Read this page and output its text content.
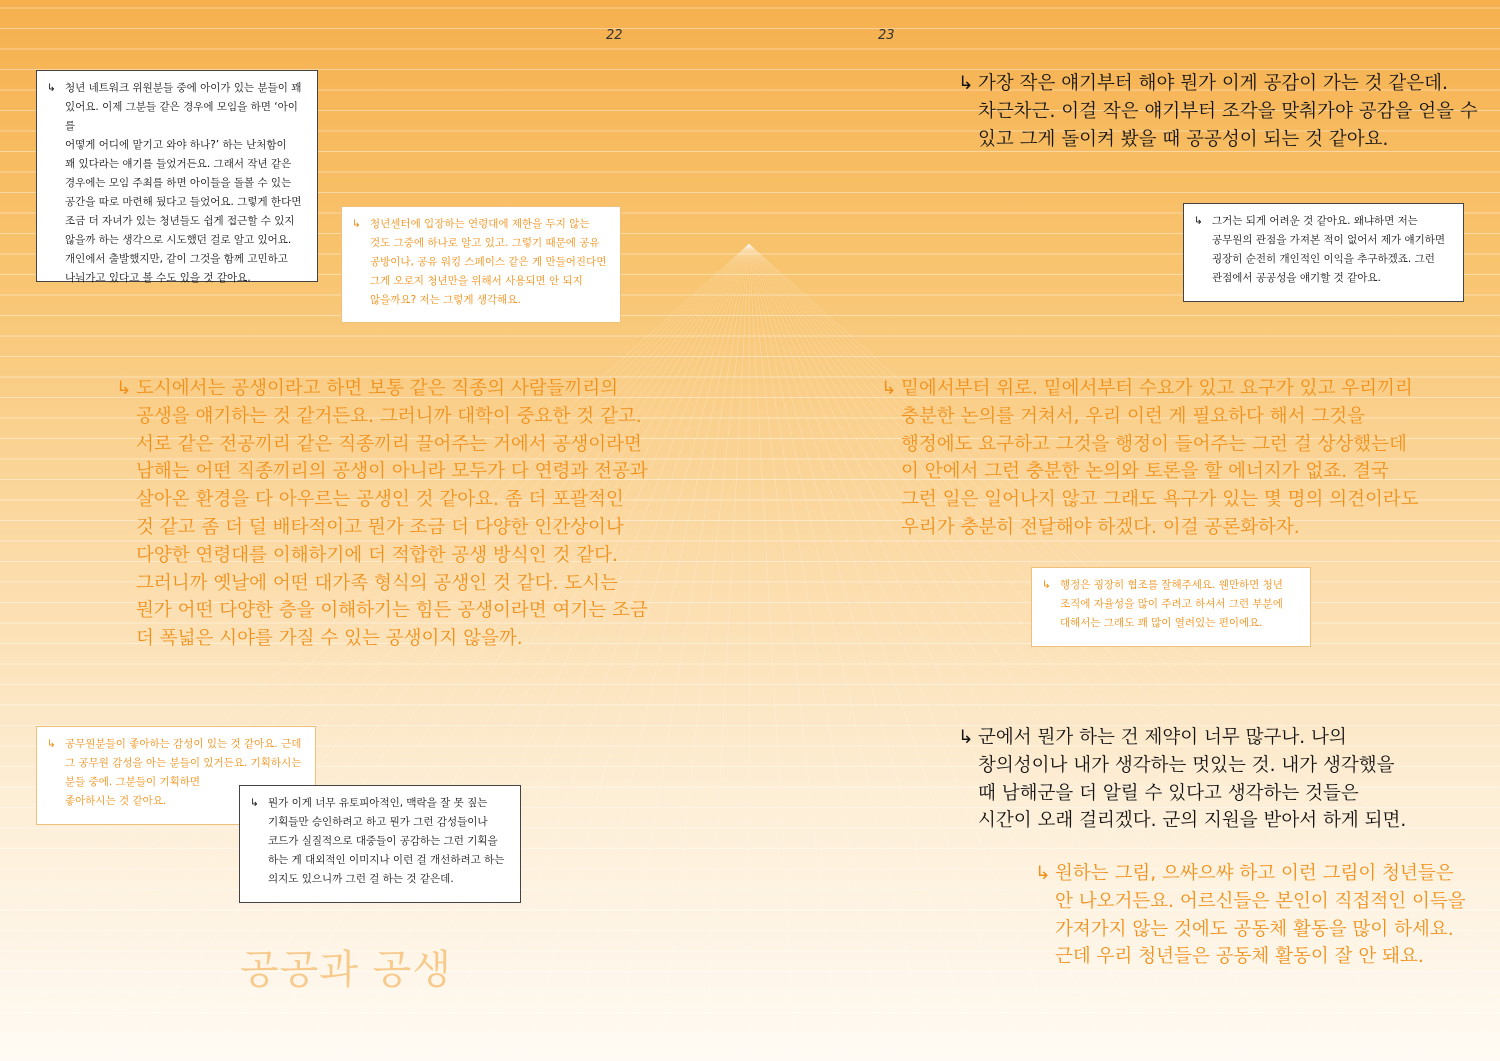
22	23

↳ 청년 네트워크 위원분들 중에 아이가 있는 분들이 꽤

있어요. 이제 그분들 같은 경우에 모임을 하면 ‘아이를

어떻게 어디에 맡기고 와야 하나?’ 하는 난처함이

꽤 있다라는 얘기를 들었거든요. 그래서 작년 같은

경우에는 모임 주최를 하면 아이들을 돌볼 수 있는

공간을 따로 마련해 뒀다고 들었어요. 그렇게 한다면

조금 더 자녀가 있는 청년들도 쉽게 접근할 수 있지

않을까 하는 생각으로 시도했던 걸로 알고 있어요.

개인에서 출발했지만, 같이 그것을 함께 고민하고

나눠가고 있다고 볼 수도 있을 것 같아요.

↳ 청년센터에 입장하는 연령대에 제한을 두지 않는

것도 그중에 하나로 알고 있고. 그렇기 때문에 공유

공방이나, 공유 워킹 스페이스 같은 게 만들어진다면

그게 오로지 청년만을 위해서 사용되면 안 되지

않을까요? 저는 그렇게 생각해요.

↳ 가장 작은 얘기부터 해야 뭔가 이게 공감이 가는 것 같은데.

차근차근. 이걸 작은 얘기부터 조각을 맞춰가야 공감을 얻을 수

있고 그게 돌이켜 봤을 때 공공성이 되는 것 같아요.

↳ 그거는 되게 어려운 것 같아요. 왜냐하면 저는

공무원의 관점을 가져본 적이 없어서 제가 얘기하면

굉장히 순전히 개인적인 이익을 추구하겠죠. 그런

관점에서 공공성을 얘기할 것 같아요.

↳ 도시에서는 공생이라고 하면 보통 같은 직종의 사람들끼리의

공생을 얘기하는 것 같거든요. 그러니까 대학이 중요한 것 같고.

서로 같은 전공끼리 같은 직종끼리 끌어주는 거에서 공생이라면

남해는 어떤 직종끼리의 공생이 아니라 모두가 다 연령과 전공과

살아온 환경을 다 아우르는 공생인 것 같아요. 좀 더 포괄적인

것 같고 좀 더 덜 배타적이고 뭔가 조금 더 다양한 인간상이나

다양한 연령대를 이해하기에 더 적합한 공생 방식인 것 같다.

그러니까 옛날에 어떤 대가족 형식의 공생인 것 같다. 도시는

뭔가 어떤 다양한 층을 이해하기는 힘든 공생이라면 여기는 조금

더 폭넓은 시야를 가질 수 있는 공생이지 않을까.

↳ 밑에서부터 위로. 밑에서부터 수요가 있고 요구가 있고 우리끼리

충분한 논의를 거쳐서, 우리 이런 게 필요하다 해서 그것을

행정에도 요구하고 그것을 행정이 들어주는 그런 걸 상상했는데

이 안에서 그런 충분한 논의와 토론을 할 에너지가 없죠. 결국

그런 일은 일어나지 않고 그래도 욕구가 있는 몇 명의 의견이라도

우리가 충분히 전달해야 하겠다. 이걸 공론화하자.

↳ 행정은 굉장히 협조를 잘해주세요. 웬만하면 청년

조직에 자율성을 많이 주려고 하셔서 그런 부분에

대해서는 그래도 꽤 많이 열려있는 편이에요.

↳ 공무원분들이 좋아하는 감성이 있는 것 같아요. 근데

그 공무원 감성을 아는 분들이 있거든요. 기획하시는

분들 중에. 그분들이 기획하면

좋아하시는 것 같아요.	↳ 뭔가 이게 너무 유토피아적인, 맥락을 잘 못 짚는

기획들만 승인하려고 하고 뭔가 그런 감성들이나

코드가 실질적으로 대중들이 공감하는 그런 기획을

하는 게 대외적인 이미지나 이런 걸 개선하려고 하는

의지도 있으니까 그런 걸 하는 것 같은데.

↳ 군에서 뭔가 하는 건 제약이 너무 많구나. 나의

창의성이나 내가 생각하는 멋있는 것. 내가 생각했을

때 남해군을 더 알릴 수 있다고 생각하는 것들은

시간이 오래 걸리겠다. 군의 지원을 받아서 하게 되면.

↳ 원하는 그림, 으쌰으쌰 하고 이런 그림이 청년들은

안 나오거든요. 어르신들은 본인이 직접적인 이득을

가져가지 않는 것에도 공동체 활동을 많이 하세요.

근데 우리 청년들은 공동체 활동이 잘 안 돼요.

공공과 공생
